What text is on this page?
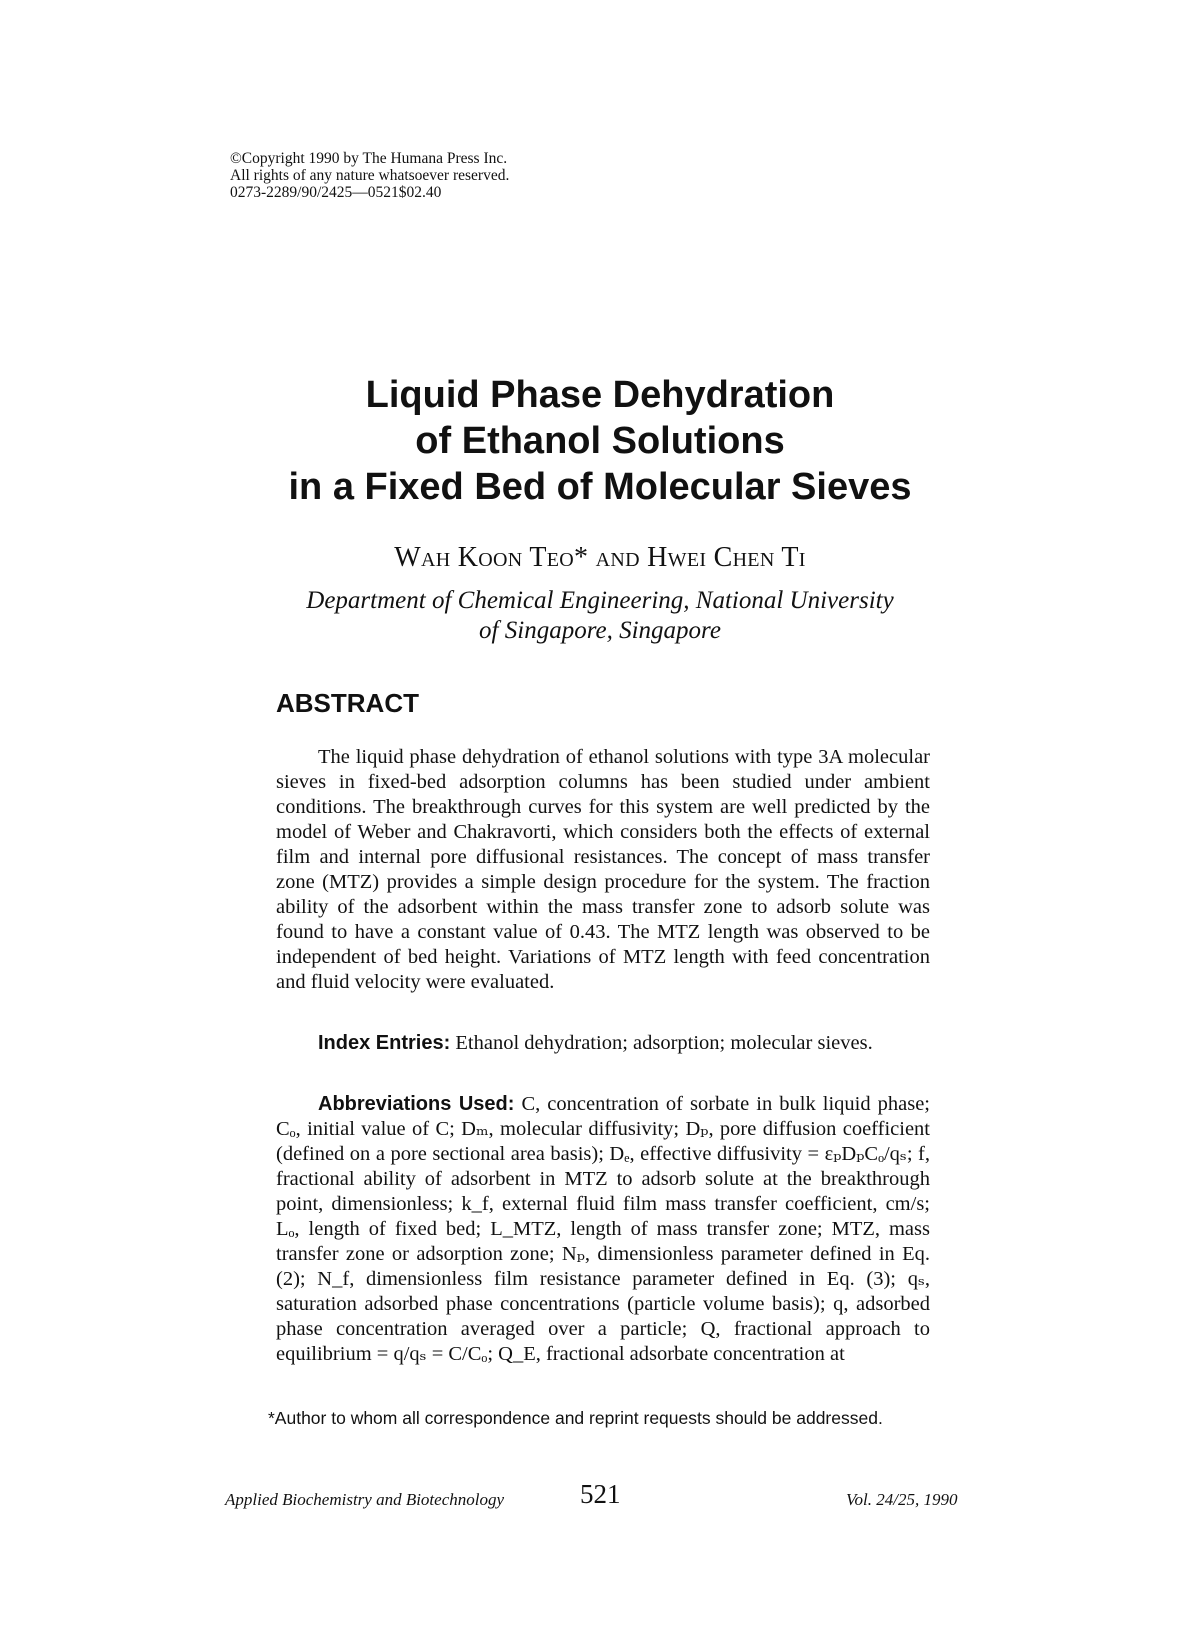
©Copyright 1990 by The Humana Press Inc.
All rights of any nature whatsoever reserved.
0273-2289/90/2425—0521$02.40
Liquid Phase Dehydration
of Ethanol Solutions
in a Fixed Bed of Molecular Sieves
Wah Koon Teo* and Hwei Chen Ti
Department of Chemical Engineering, National University
of Singapore, Singapore
ABSTRACT

The liquid phase dehydration of ethanol solutions with type 3A molecular sieves in fixed-bed adsorption columns has been studied under ambient conditions. The breakthrough curves for this system are well predicted by the model of Weber and Chakravorti, which considers both the effects of external film and internal pore diffusional resistances. The concept of mass transfer zone (MTZ) provides a simple design procedure for the system. The fraction ability of the adsorbent within the mass transfer zone to adsorb solute was found to have a constant value of 0.43. The MTZ length was observed to be independent of bed height. Variations of MTZ length with feed concentration and fluid velocity were evaluated.

Index Entries: Ethanol dehydration; adsorption; molecular sieves.

Abbreviations Used: C, concentration of sorbate in bulk liquid phase; Cₒ, initial value of C; Dₘ, molecular diffusivity; Dₚ, pore diffusion coefficient (defined on a pore sectional area basis); Dₑ, effective diffusivity = εₚDₚCₒ/qₛ; f, fractional ability of adsorbent in MTZ to adsorb solute at the breakthrough point, dimensionless; k_f, external fluid film mass transfer coefficient, cm/s; Lₒ, length of fixed bed; L_MTZ, length of mass transfer zone; MTZ, mass transfer zone or adsorption zone; Nₚ, dimensionless parameter defined in Eq. (2); N_f, dimensionless film resistance parameter defined in Eq. (3); qₛ, saturation adsorbed phase concentrations (particle volume basis); q, adsorbed phase concentration averaged over a particle; Q, fractional approach to equilibrium = q/qₛ = C/Cₒ; Q_E, fractional adsorbate concentration at

*Author to whom all correspondence and reprint requests should be addressed.
Applied Biochemistry and Biotechnology	521	Vol. 24/25, 1990
